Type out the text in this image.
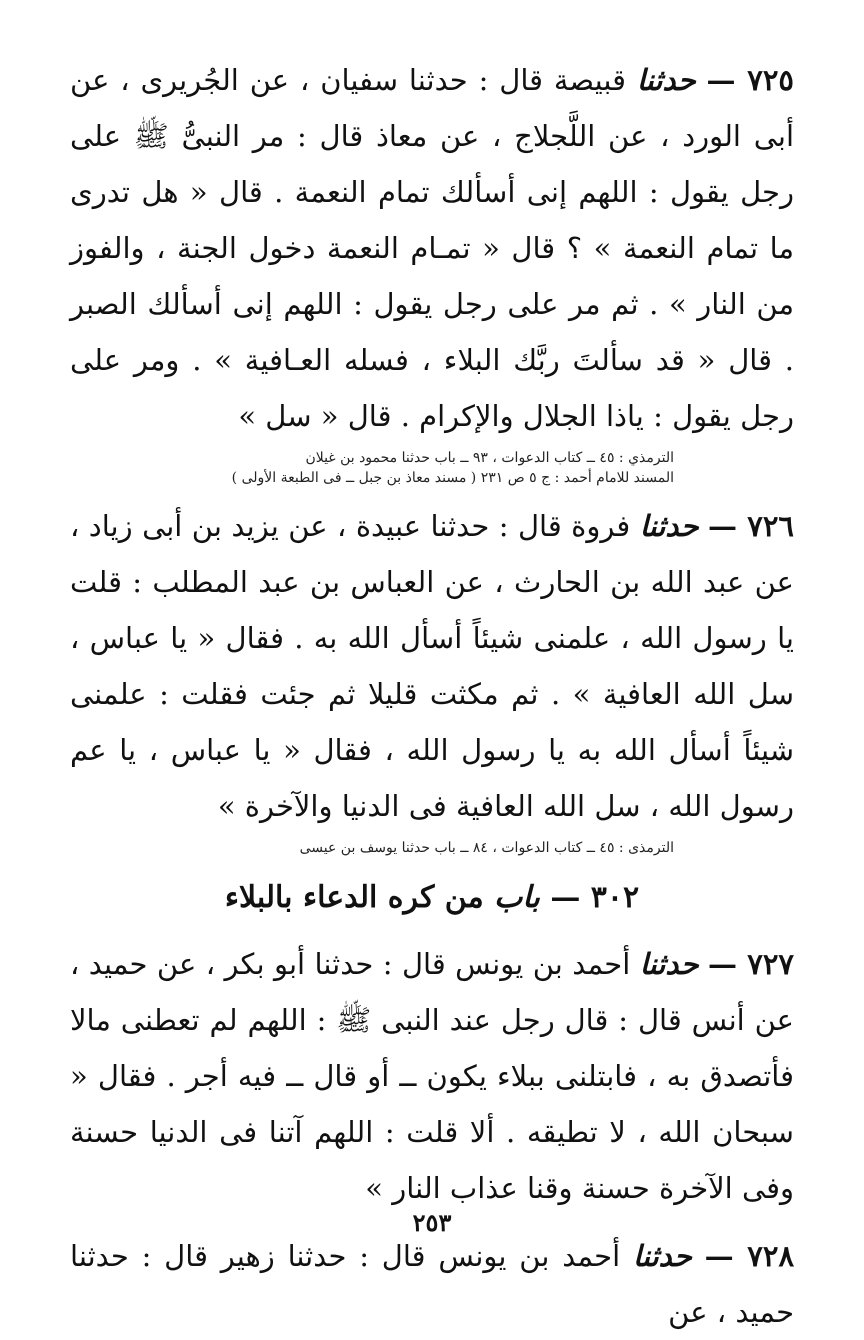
٧٢٥ — حدثنا قبيصة قال : حدثنا سفيان ، عن الجُريرى ، عن أبى الورد ، عن اللَّجلاج ، عن معاذ قال : مر النبىُّ ﷺ على رجل يقول : اللهم إنى أسألك تمام النعمة . قال « هل تدرى ما تمام النعمة » ؟ قال « تمـام النعمة دخول الجنة ، والفوز من النار » . ثم مر على رجل يقول : اللهم إنى أسألك الصبر . قال « قد سألتَ ربَّك البلاء ، فسله العـافية » . ومر على رجل يقول : ياذا الجلال والإكرام . قال « سل »

الترمذي : ٤٥ ــ كتاب الدعوات ، ٩٣ ــ باب حدثنا محمود بن غيلان
المسند للامام أحمد : ج ٥ ص ٢٣١ ( مسند معاذ بن جبل ــ فى الطبعة الأولى )

٧٢٦ — حدثنا فروة قال : حدثنا عبيدة ، عن يزيد بن أبى زياد ، عن عبد الله بن الحارث ، عن العباس بن عبد المطلب : قلت يا رسول الله ، علمنى شيئاً أسأل الله به . فقال « يا عباس ، سل الله العافية » . ثم مكثت قليلا ثم جئت فقلت : علمنى شيئاً أسأل الله به يا رسول الله ، فقال « يا عباس ، يا عم رسول الله ، سل الله العافية فى الدنيا والآخرة »

الترمذى : ٤٥ ــ كتاب الدعوات ، ٨٤ ــ باب حدثنا يوسف بن عيسى
٣٠٢ — باب من كره الدعاء بالبلاء

٧٢٧ — حدثنا أحمد بن يونس قال : حدثنا أبو بكر ، عن حميد ، عن أنس قال : قال رجل عند النبى ﷺ : اللهم لم تعطنى مالا فأتصدق به ، فابتلنى ببلاء يكون ــ أو قال ــ فيه أجر . فقال « سبحان الله ، لا تطيقه . ألا قلت : اللهم آتنا فى الدنيا حسنة وفى الآخرة حسنة وقنا عذاب النار »

٧٢٨ — حدثنا أحمد بن يونس قال : حدثنا زهير قال : حدثنا حميد ، عن

٢٥٣
